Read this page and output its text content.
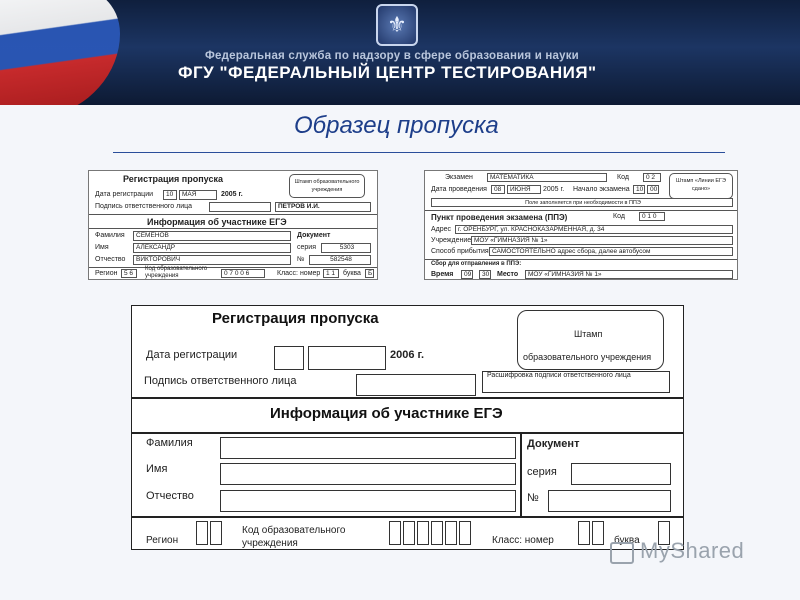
⚜
Федеральная служба по надзору в сфере образования и науки
ФГУ "ФЕДЕРАЛЬНЫЙ ЦЕНТР ТЕСТИРОВАНИЯ"
Образец пропуска
Регистрация пропуска
Дата регистрации	10	МАЯ	2005 г.
Штамп образовательного учреждения
Подпись ответственного лица	ПЕТРОВ И.И.
Информация об участнике ЕГЭ
Фамилия	СЕМЕНОВ
Имя	АЛЕКСАНДР
Отчество	ВИКТОРОВИЧ
Документ
серия	5303
№	582548
Регион	5 6
Код образовательного учреждения	0 7 0 0 6	Класс: номер 1 1	буква	Б
Экзамен	МАТЕМАТИКА	Код	0 2	Штамп «Линии ЕГЭ сдано»
Дата проведения	08	ИЮНЯ	2005 г. Начало экзамена 10	00
Поле заполняется при необходимости в ППЭ
Пункт проведения экзамена (ППЭ)	Код	0 1 0
Адрес	г. ОРЕНБУРГ, ул. КРАСНОКАЗАРМЕННАЯ, д. 34
Учреждение МОУ «ГИМНАЗИЯ № 1»
Способ прибытия САМОСТОЯТЕЛЬНО адрес сбора, далее автобусом
Сбор для отправления в ППЭ:
Время	09	30 Место	МОУ «ГИМНАЗИЯ № 1»
Регистрация пропуска
Дата регистрации	2006 г.
Штамп
образовательного учреждения
Подпись ответственного лица	Расшифровка подписи ответственного лица
Информация об участнике ЕГЭ
Фамилия
Имя
Отчество
Документ
серия
№
Регион
Код образовательного учреждения	Класс: номер	буква MyShared
